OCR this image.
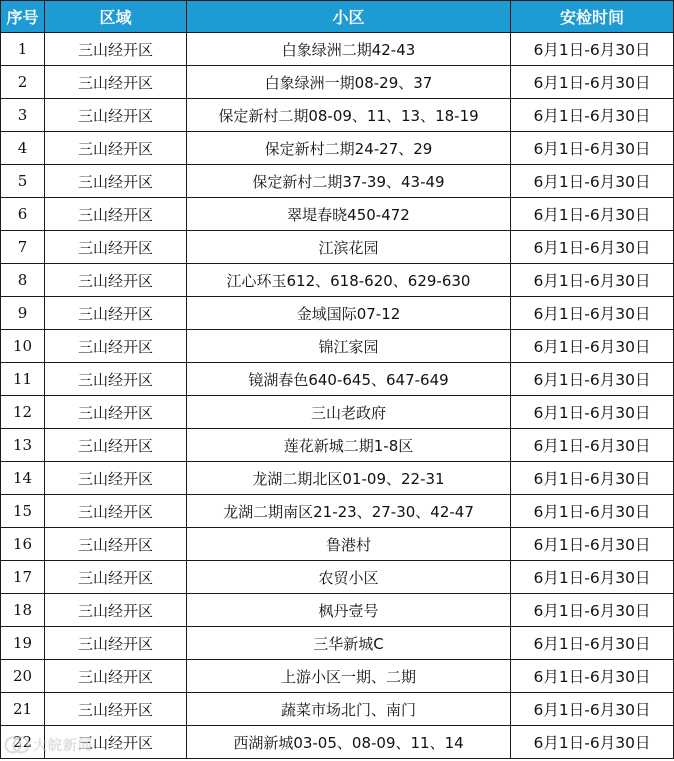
序号	区域	小区	安检时间
1	三山经开区	白象绿洲二期42-43	6月1日-6月30日
2	三山经开区	白象绿洲一期08-29、37	6月1日-6月30日
3	三山经开区	保定新村二期08-09、11、13、18-19	6月1日-6月30日
4	三山经开区	保定新村二期24-27、29	6月1日-6月30日
5	三山经开区	保定新村二期37-39、43-49	6月1日-6月30日
6	三山经开区	翠堤春晓450-472	6月1日-6月30日
7	三山经开区	江滨花园	6月1日-6月30日
8	三山经开区	江心环玉612、618-620、629-630	6月1日-6月30日
9	三山经开区	金域国际07-12	6月1日-6月30日
10	三山经开区	锦江家园	6月1日-6月30日
11	三山经开区	镜湖春色640-645、647-649	6月1日-6月30日
12	三山经开区	三山老政府	6月1日-6月30日
13	三山经开区	莲花新城二期1-8区	6月1日-6月30日
14	三山经开区	龙湖二期北区01-09、22-31	6月1日-6月30日
15	三山经开区	龙湖二期南区21-23、27-30、42-47	6月1日-6月30日
16	三山经开区	鲁港村	6月1日-6月30日
17	三山经开区	农贸小区	6月1日-6月30日
18	三山经开区	枫丹壹号	6月1日-6月30日
19	三山经开区	三华新城C	6月1日-6月30日
20	三山经开区	上游小区一期、二期	6月1日-6月30日
21	三山经开区	蔬菜市场北门、南门	6月1日-6月30日
22	三山经开区	西湖新城03-05、08-09、11、14	6月1日-6月30日
大皖新闻
